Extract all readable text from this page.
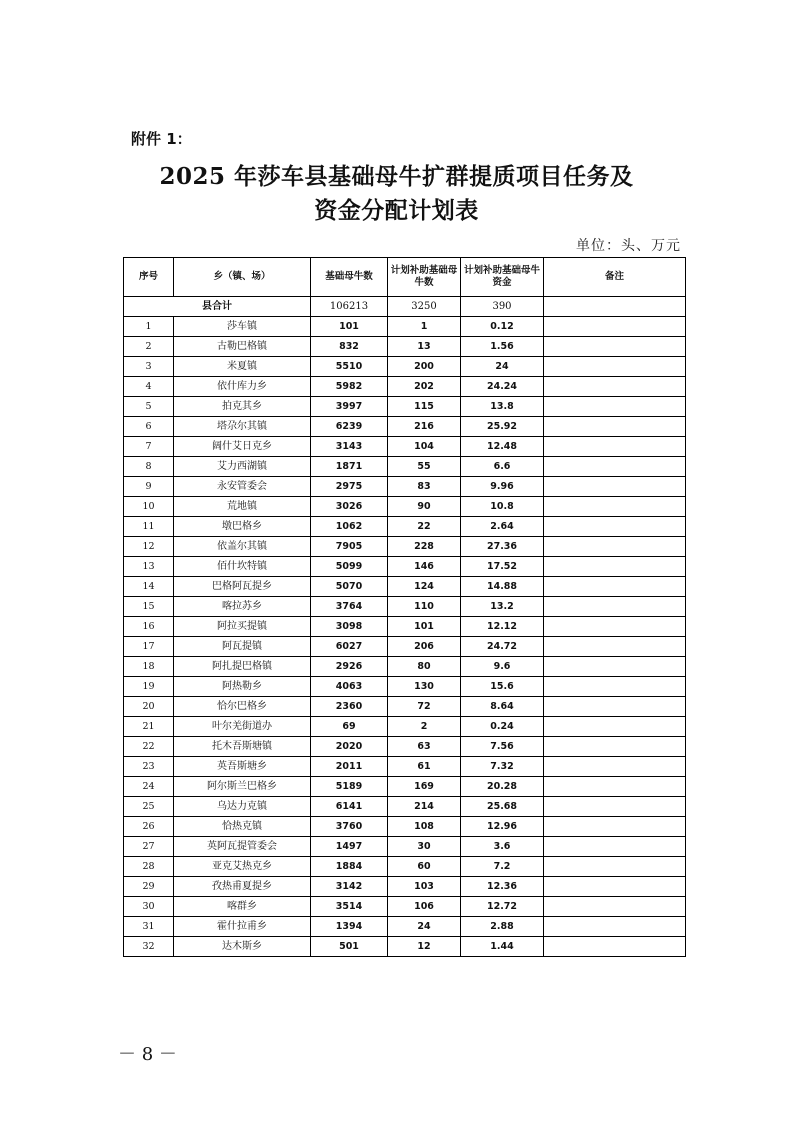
附件 1：
2025 年莎车县基础母牛扩群提质项目任务及
资金分配计划表
单位：头、万元
序号	乡（镇、场）	基础母牛数	计划补助基础母牛数	计划补助基础母牛资金	备注
县合计		106213	3250	390	
1	莎车镇	101	1	0.12	
2	古勒巴格镇	832	13	1.56	
3	米夏镇	5510	200	24	
4	依什库力乡	5982	202	24.24	
5	拍克其乡	3997	115	13.8	
6	塔尕尔其镇	6239	216	25.92	
7	阔什艾日克乡	3143	104	12.48	
8	艾力西湖镇	1871	55	6.6	
9	永安管委会	2975	83	9.96	
10	荒地镇	3026	90	10.8	
11	墩巴格乡	1062	22	2.64	
12	依盖尔其镇	7905	228	27.36	
13	佰什坎特镇	5099	146	17.52	
14	巴格阿瓦提乡	5070	124	14.88	
15	喀拉苏乡	3764	110	13.2	
16	阿拉买提镇	3098	101	12.12	
17	阿瓦提镇	6027	206	24.72	
18	阿扎提巴格镇	2926	80	9.6	
19	阿热勒乡	4063	130	15.6	
20	恰尔巴格乡	2360	72	8.64	
21	叶尔羌街道办	69	2	0.24	
22	托木吾斯塘镇	2020	63	7.56	
23	英吾斯塘乡	2011	61	7.32	
24	阿尔斯兰巴格乡	5189	169	20.28	
25	乌达力克镇	6141	214	25.68	
26	恰热克镇	3760	108	12.96	
27	英阿瓦提管委会	1497	30	3.6	
28	亚克艾热克乡	1884	60	7.2	
29	孜热甫夏提乡	3142	103	12.36	
30	喀群乡	3514	106	12.72	
31	霍什拉甫乡	1394	24	2.88	
32	达木斯乡	501	12	1.44	
－ 8 －
